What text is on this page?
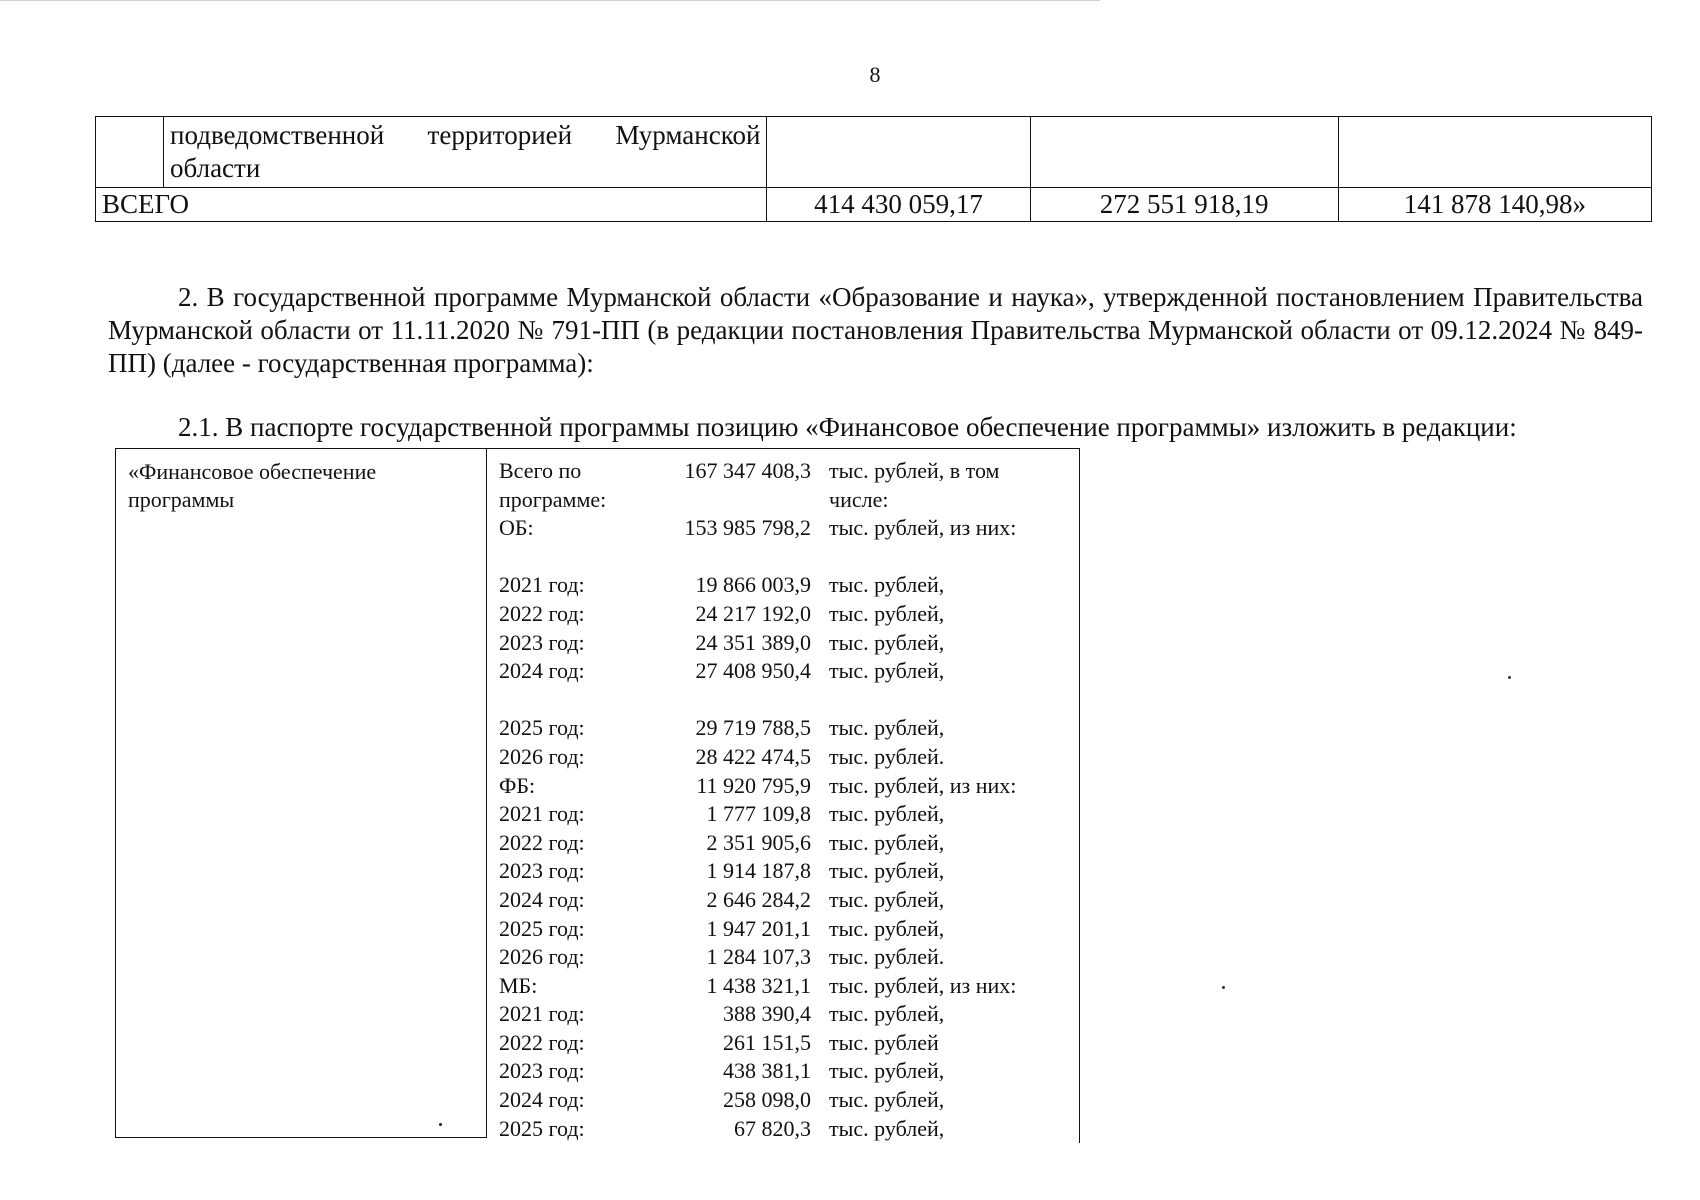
8
	подведомственной территорией Мурманской
области			

ВСЕГО		414 430 059,17	272 551 918,19	141 878 140,98»

2. В государственной программе Мурманской области «Образование и наука», утвержденной постановлением Правительства Мурманской области от 11.11.2020 № 791-ПП (в редакции постановления Правительства Мурманской области от 09.12.2024 № 849-ПП) (далее - государственная программа):

2.1. В паспорте государственной программы позицию «Финансовое обеспечение программы» изложить в редакции:

«Финансовое обеспечение программы
Всего по	167 347 408,3 тыс. рублей, в том
программе:	числе:
ОБ:	153 985 798,2 тыс. рублей, из них:
2021 год:	19 866 003,9 тыс. рублей,
2022 год:	24 217 192,0 тыс. рублей,
2023 год:	24 351 389,0 тыс. рублей,
2024 год:	27 408 950,4 тыс. рублей,
2025 год:	29 719 788,5 тыс. рублей,
2026 год:	28 422 474,5 тыс. рублей.
ФБ:	11 920 795,9 тыс. рублей, из них:
2021 год:	1 777 109,8 тыс. рублей,
2022 год:	2 351 905,6 тыс. рублей,
2023 год:	1 914 187,8 тыс. рублей,
2024 год:	2 646 284,2 тыс. рублей,
2025 год:	1 947 201,1 тыс. рублей,
2026 год:	1 284 107,3 тыс. рублей.
МБ:	1 438 321,1 тыс. рублей, из них:
2021 год:	388 390,4 тыс. рублей,
2022 год:	261 151,5 тыс. рублей
2023 год:	438 381,1 тыс. рублей,
2024 год:	258 098,0 тыс. рублей,
2025 год:	67 820,3 тыс. рублей,
